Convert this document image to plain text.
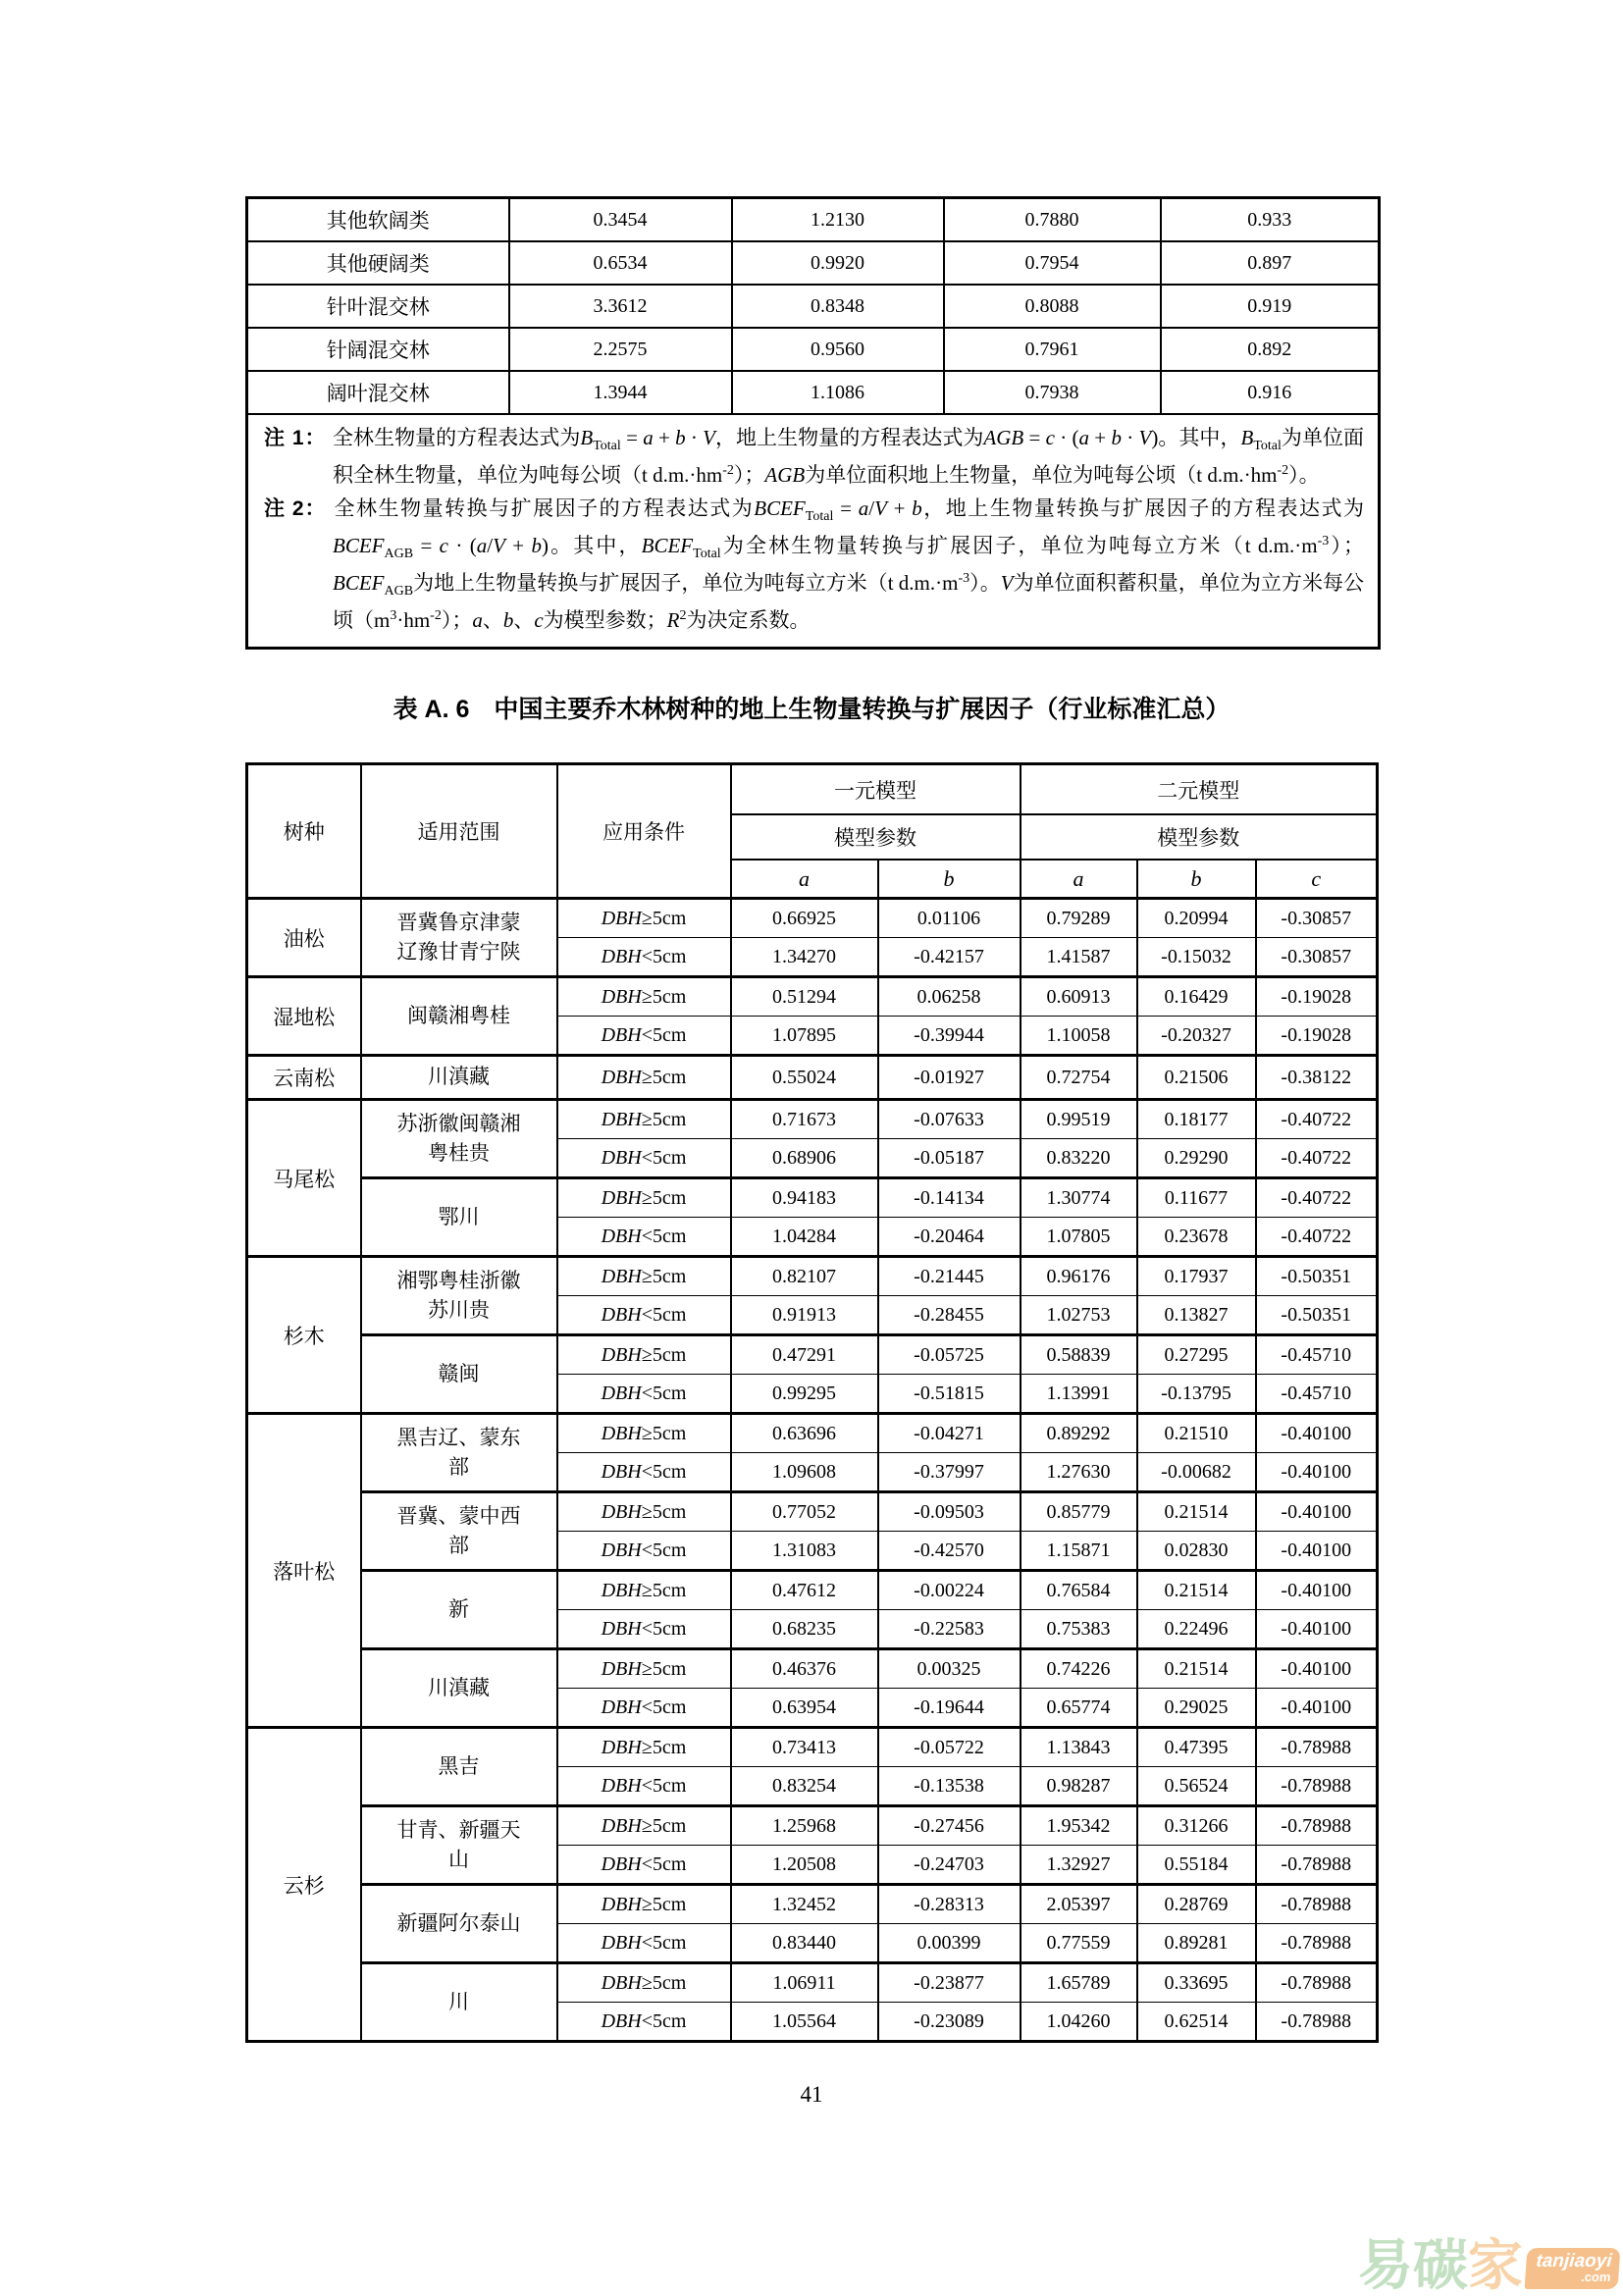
其他软阔类	0.3454	1.2130	0.7880	0.933
其他硬阔类	0.6534	0.9920	0.7954	0.897
针叶混交林	3.3612	0.8348	0.8088	0.919
针阔混交林	2.2575	0.9560	0.7961	0.892
阔叶混交林	1.3944	1.1086	0.7938	0.916

注 1： 全林生物量的方程表达式为$B_{Total} = a + b \cdot V$，地上生物量的方程表达式为AGB = c · (a + b · V)。其中，$B_{Total}$为单位面积全林生物量，单位为吨每公顷（t $d.m.\cdot hm^{-2}$）；AGB为单位面积地上生物量，单位为吨每公顷（t $d.m.\cdot hm^{-2}$）。
注 2： 全林生物量转换与扩展因子的方程表达式为$BCEF_{Total} = a/V + b$，地上生物量转换与扩展因子的方程表达式为$BCEF_{AGB} = c \cdot (a/V + b)$。其中，$BCEF_{Total}$为全林生物量转换与扩展因子，单位为吨每立方米（t $d.m.\cdot m^{-3}$）；$BCEF_{AGB}$为地上生物量转换与扩展因子，单位为吨每立方米（t $d.m.\cdot m^{-3}$）。V为单位面积蓄积量，单位为立方米每公顷$(m^3\cdot hm^{-2})$；a、b、c为模型参数；$R^2$为决定系数。				
表 A. 6　中国主要乔木林树种的地上生物量转换与扩展因子（行业标准汇总）
树种	适用范围	应用条件	一元模型		二元模型		
			模型参数		模型参数		
			a	b	a	b	c
油松	晋冀鲁京津蒙辽豫甘青宁陕	DBH≥5cm	0.66925	0.01106	0.79289	0.20994	-0.30857
		DBH<5cm	1.34270	-0.42157	1.41587	-0.15032	-0.30857
湿地松	闽赣湘粤桂	DBH≥5cm	0.51294	0.06258	0.60913	0.16429	-0.19028
		DBH<5cm	1.07895	-0.39944	1.10058	-0.20327	-0.19028
云南松	川滇藏	DBH≥5cm	0.55024	-0.01927	0.72754	0.21506	-0.38122
马尾松	苏浙徽闽赣湘粤桂贵	DBH≥5cm	0.71673	-0.07633	0.99519	0.18177	-0.40722
		DBH<5cm	0.68906	-0.05187	0.83220	0.29290	-0.40722
	鄂川	DBH≥5cm	0.94183	-0.14134	1.30774	0.11677	-0.40722
		DBH<5cm	1.04284	-0.20464	1.07805	0.23678	-0.40722
杉木	湘鄂粤桂浙徽苏川贵	DBH≥5cm	0.82107	-0.21445	0.96176	0.17937	-0.50351
		DBH<5cm	0.91913	-0.28455	1.02753	0.13827	-0.50351
	赣闽	DBH≥5cm	0.47291	-0.05725	0.58839	0.27295	-0.45710
		DBH<5cm	0.99295	-0.51815	1.13991	-0.13795	-0.45710
落叶松	黑吉辽、蒙东部	DBH≥5cm	0.63696	-0.04271	0.89292	0.21510	-0.40100
		DBH<5cm	1.09608	-0.37997	1.27630	-0.00682	-0.40100
	晋冀、蒙中西部	DBH≥5cm	0.77052	-0.09503	0.85779	0.21514	-0.40100
		DBH<5cm	1.31083	-0.42570	1.15871	0.02830	-0.40100
	新	DBH≥5cm	0.47612	-0.00224	0.76584	0.21514	-0.40100
		DBH<5cm	0.68235	-0.22583	0.75383	0.22496	-0.40100
	川滇藏	DBH≥5cm	0.46376	0.00325	0.74226	0.21514	-0.40100
		DBH<5cm	0.63954	-0.19644	0.65774	0.29025	-0.40100
云杉	黑吉	DBH≥5cm	0.73413	-0.05722	1.13843	0.47395	-0.78988
		DBH<5cm	0.83254	-0.13538	0.98287	0.56524	-0.78988
	甘青、新疆天山	DBH≥5cm	1.25968	-0.27456	1.95342	0.31266	-0.78988
		DBH<5cm	1.20508	-0.24703	1.32927	0.55184	-0.78988
	新疆阿尔泰山	DBH≥5cm	1.32452	-0.28313	2.05397	0.28769	-0.78988
		DBH<5cm	0.83440	0.00399	0.77559	0.89281	-0.78988
	川	DBH≥5cm	1.06911	-0.23877	1.65789	0.33695	-0.78988
		DBH<5cm	1.05564	-0.23089	1.04260	0.62514	-0.78988
41
易 碳 家 tanjiaoyi
.com
